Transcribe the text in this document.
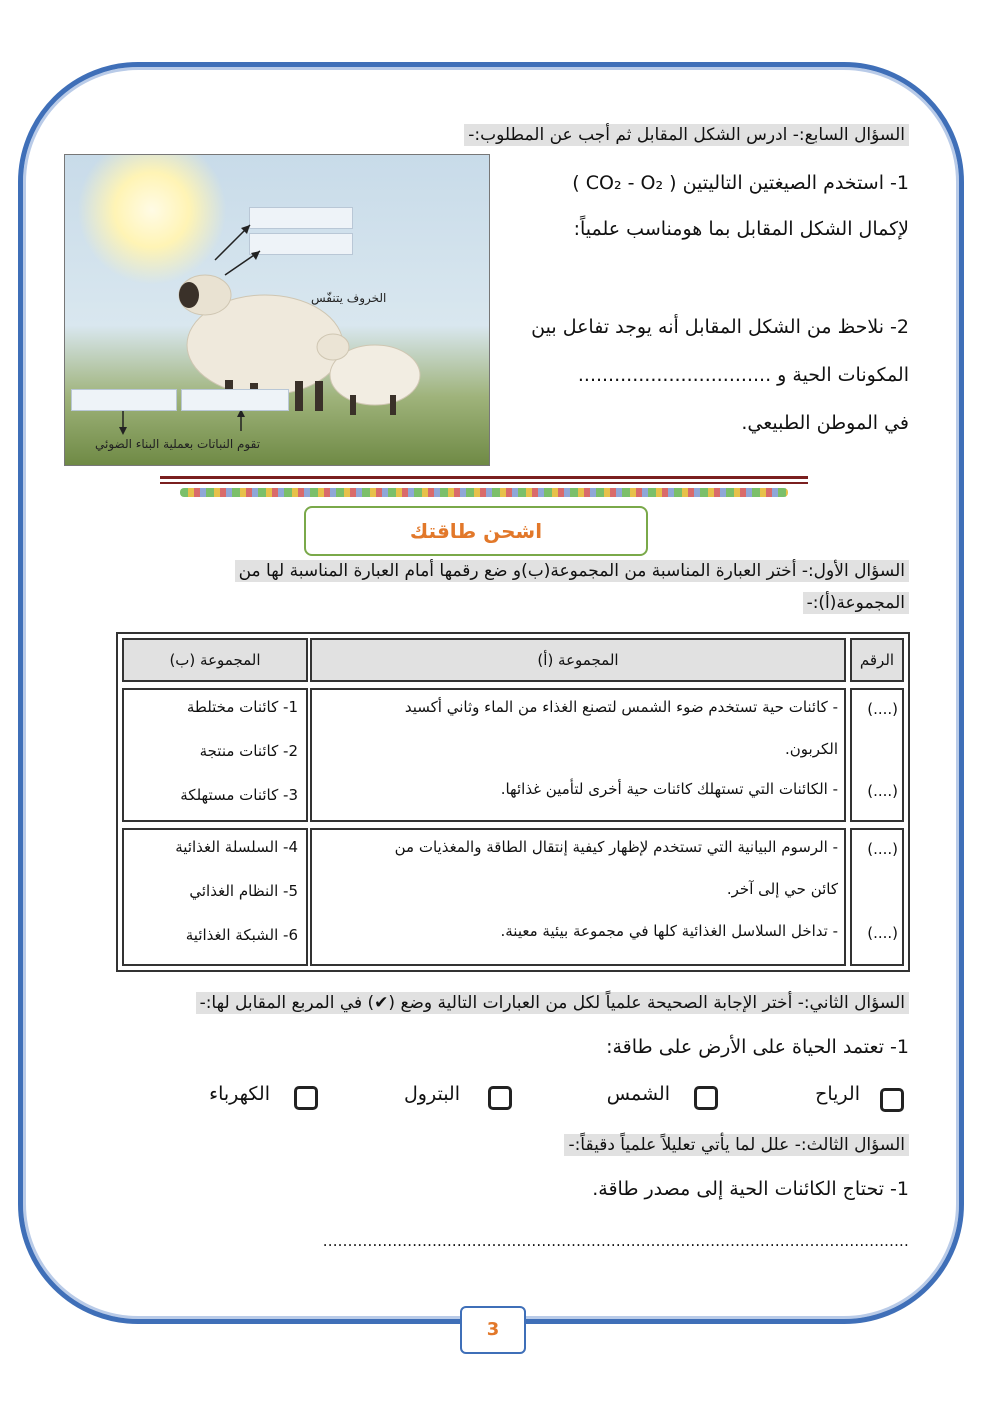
السؤال السابع:- ادرس الشكل المقابل ثم أجب عن المطلوب:-
الخروف يتنفّس
تقوم النباتات بعملية البناء الضوئي
1- استخدم الصيغتين التاليتين ( CO₂ - O₂ )
لإكمال الشكل المقابل بما هومناسب علمياً:
2- نلاحظ من الشكل المقابل أنه يوجد تفاعل بين
المكونات الحية و ................................
في الموطن الطبيعي.
اشحن طاقتك
السؤال الأول:- أختر العبارة المناسبة من المجموعة(ب)و ضع رقمها أمام العبارة المناسبة لها من
المجموعة(أ):-
الرقم
المجموعة (أ)
المجموعة (ب)
(....)
(....)
- كائنات حية تستخدم ضوء الشمس لتصنع الغذاء من الماء وثاني أكسيد
الكربون.
- الكائنات التي تستهلك كائنات حية أخرى لتأمين غذائها.
1- كائنات مختلطة
2- كائنات منتجة
3- كائنات مستهلكة
(....)
(....)
- الرسوم البيانية التي تستخدم لإظهار كيفية إنتقال الطاقة والمغذيات من
كائن حي إلى آخر.
- تداخل السلاسل الغذائية كلها في مجموعة بيئية معينة.
4- السلسلة الغذائية
5- النظام الغذائي
6- الشبكة الغذائية
السؤال الثاني:- أختر الإجابة الصحيحة علمياً لكل من العبارات التالية وضع (✔) في المربع المقابل لها:-
1- تعتمد الحياة على الأرض على طاقة:
الرياح
الشمس
البترول
الكهرباء
السؤال الثالث:- علل لما يأتي تعليلاً علمياً دقيقاً:-
1- تحتاج الكائنات الحية إلى مصدر طاقة.
......................................................................................................................
3
